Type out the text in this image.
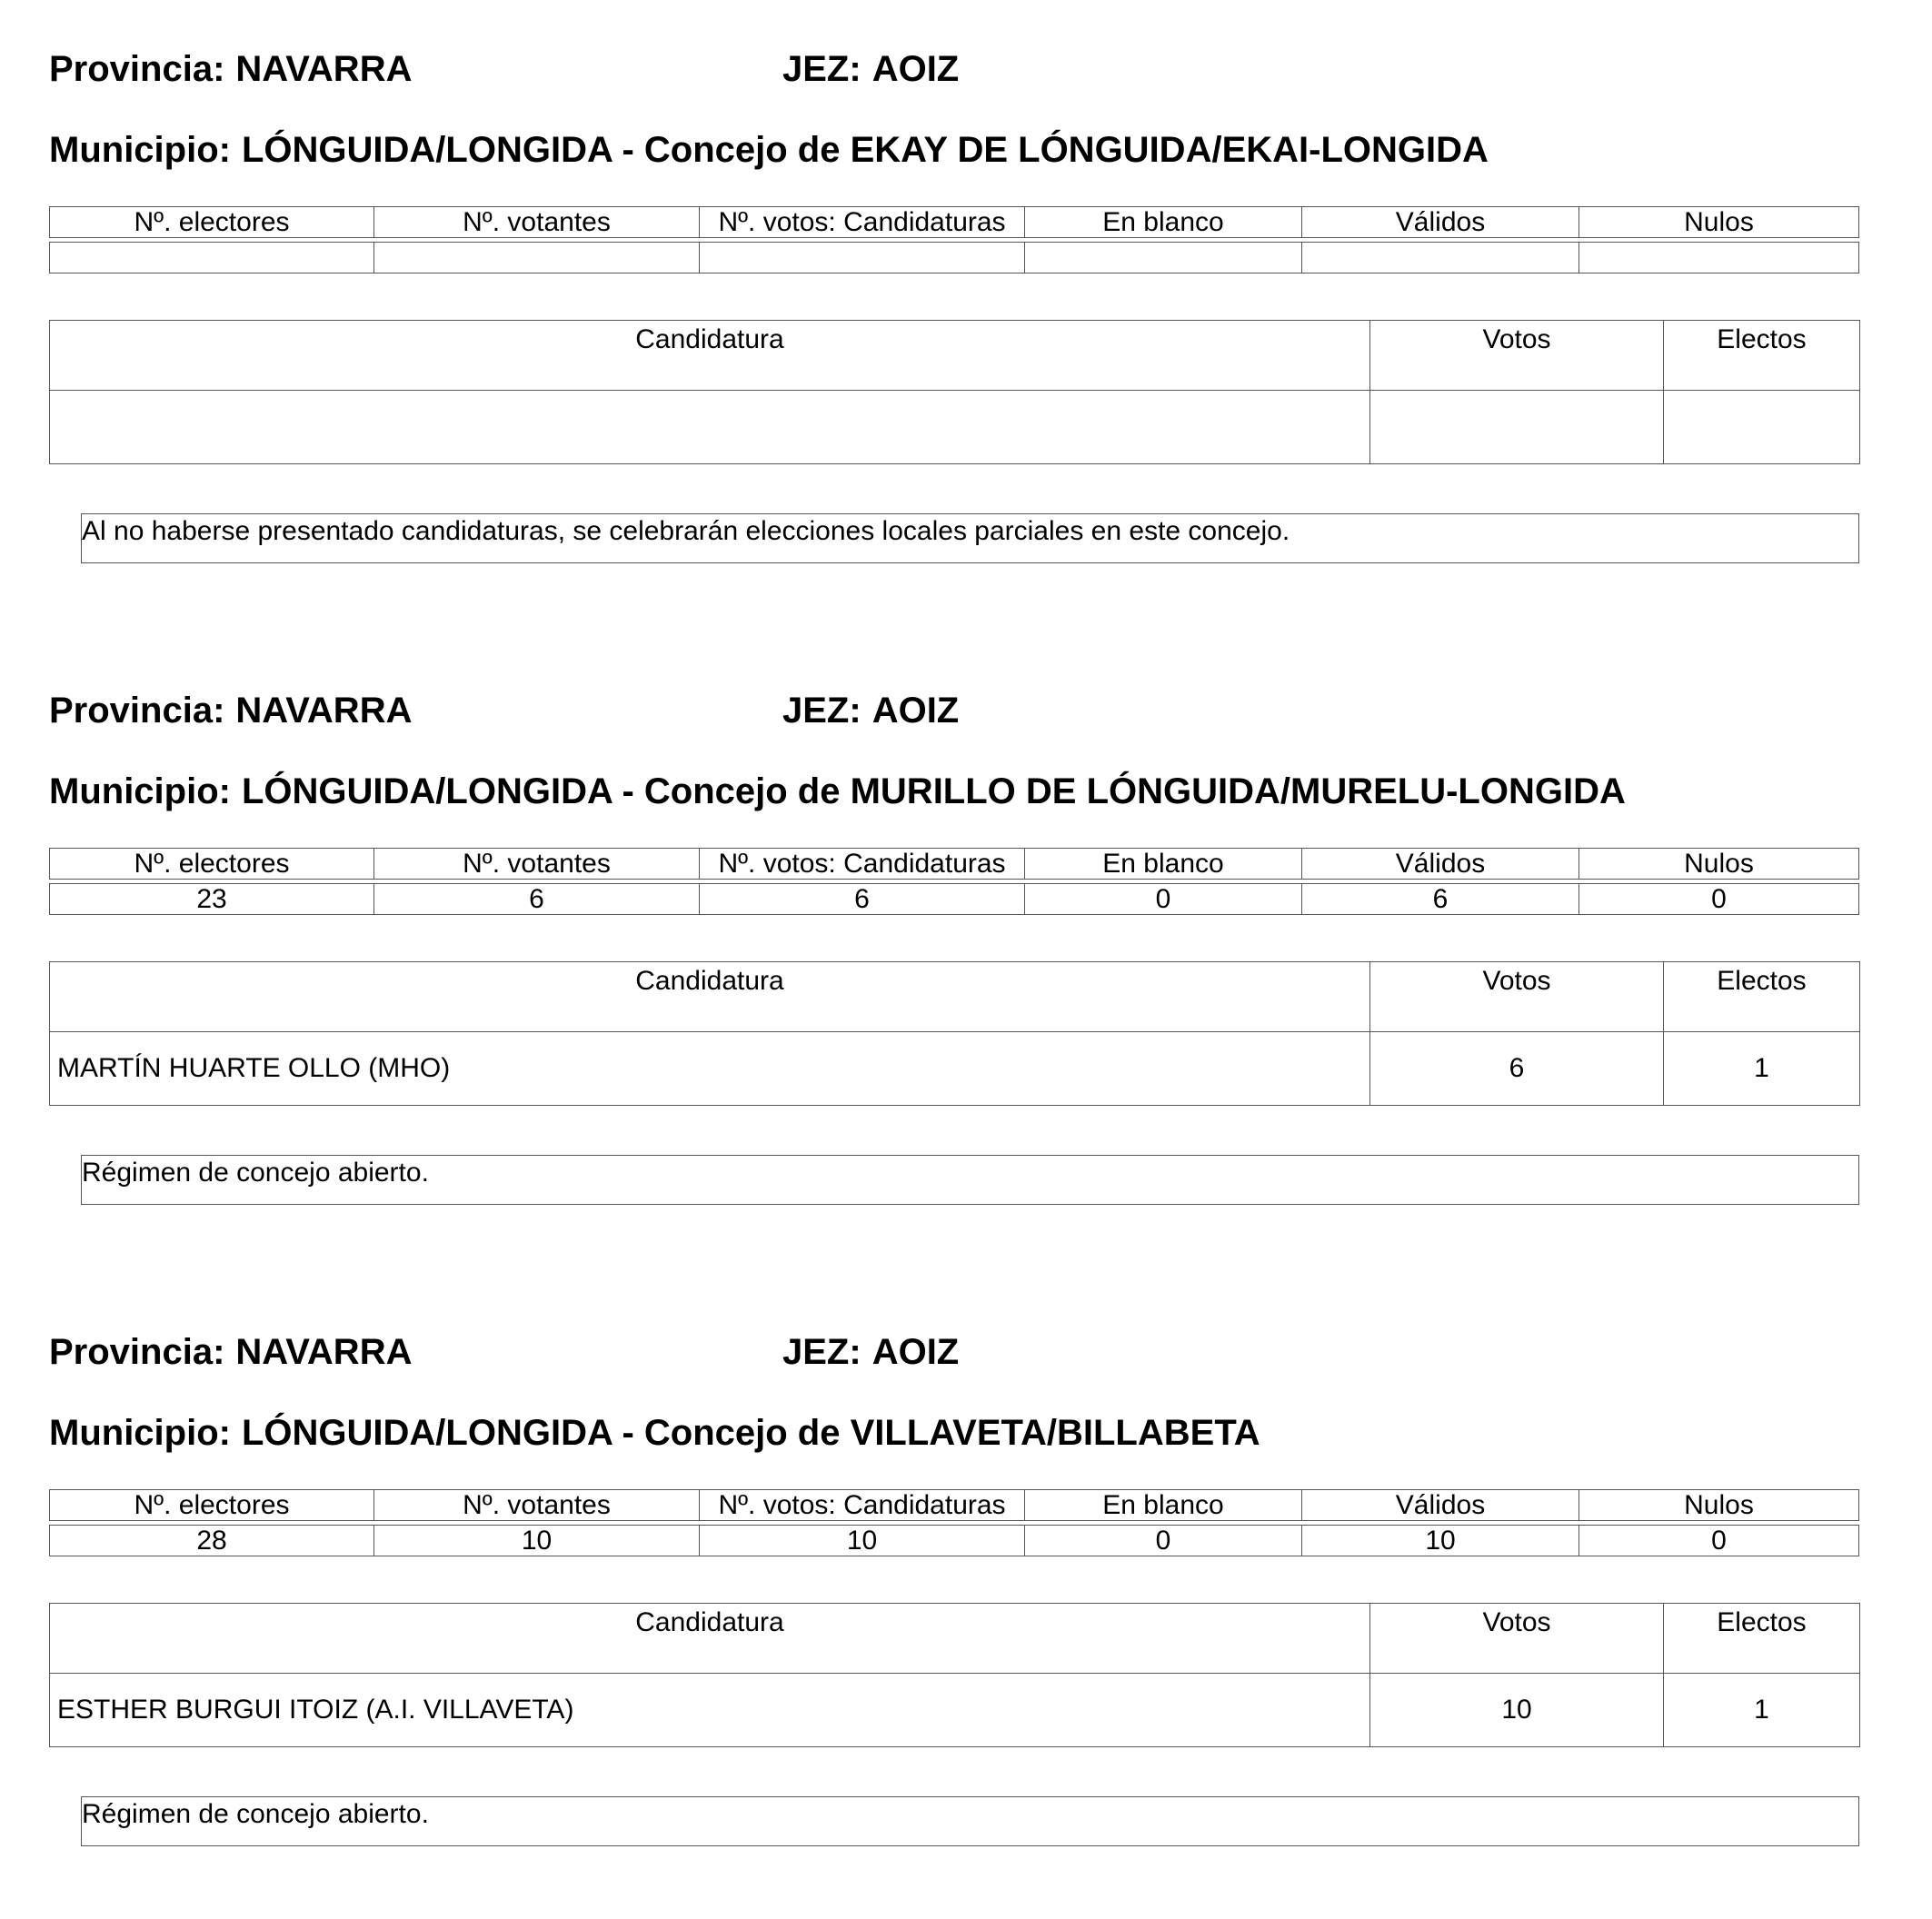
Provincia: NAVARRA	JEZ: AOIZ
Municipio: LÓNGUIDA/LONGIDA - Concejo de EKAY DE LÓNGUIDA/EKAI-LONGIDA
Nº. electores	Nº. votantes	Nº. votos: Candidaturas	En blanco	Válidos	Nulos

Candidatura	Votos	Electos

Al no haberse presentado candidaturas, se celebrarán elecciones locales parciales en este concejo.
Provincia: NAVARRA	JEZ: AOIZ
Municipio: LÓNGUIDA/LONGIDA - Concejo de MURILLO DE LÓNGUIDA/MURELU-LONGIDA
Nº. electores	Nº. votantes	Nº. votos: Candidaturas	En blanco	Válidos	Nulos

23	6	6	0	6	0
Candidatura	Votos	Electos
MARTÍN HUARTE OLLO (MHO)	6	1
Régimen de concejo abierto.
Provincia: NAVARRA	JEZ: AOIZ
Municipio: LÓNGUIDA/LONGIDA - Concejo de VILLAVETA/BILLABETA
Nº. electores	Nº. votantes	Nº. votos: Candidaturas	En blanco	Válidos	Nulos

28	10	10	0	10	0
Candidatura	Votos	Electos
ESTHER BURGUI ITOIZ (A.I. VILLAVETA)	10	1
Régimen de concejo abierto.
